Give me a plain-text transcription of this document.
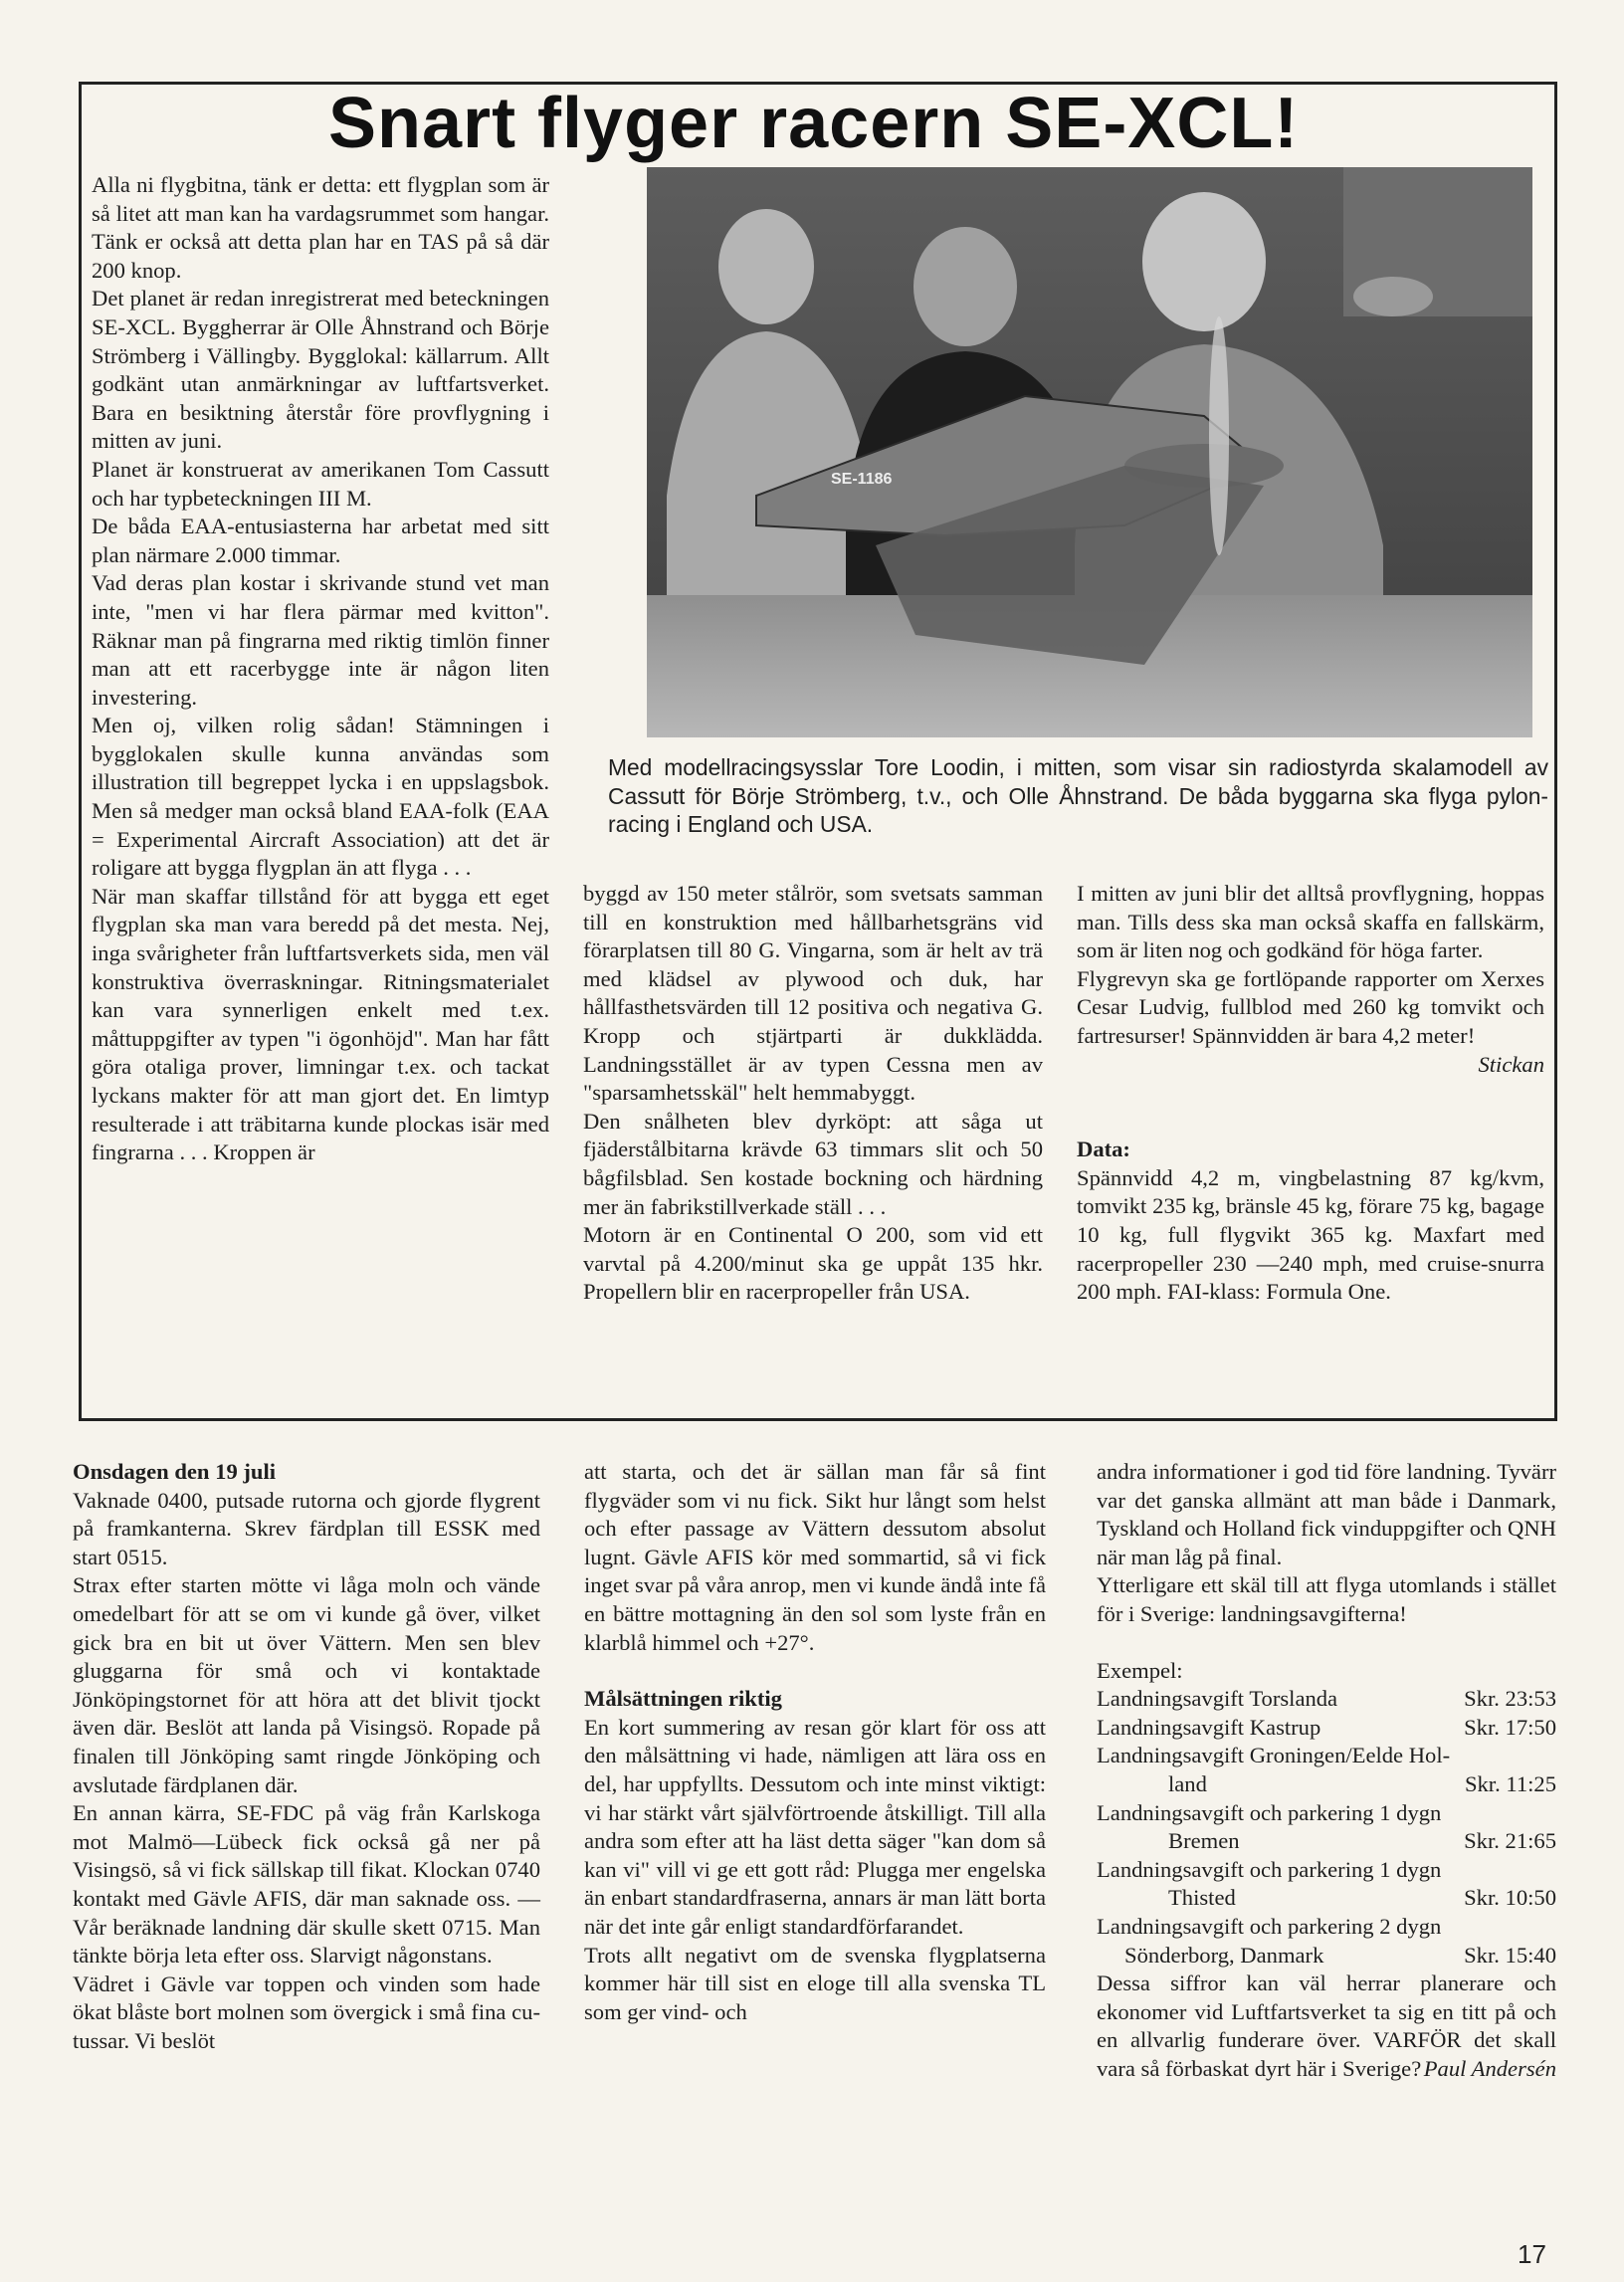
Snart flyger racern SE-XCL!

Alla ni flygbitna, tänk er detta: ett flygplan som är så litet att man kan ha vardagsrummet som hangar. Tänk er också att detta plan har en TAS på så där 200 knop.

Det planet är redan inregistrerat med beteckningen SE-XCL. Byggherrar är Olle Åhnstrand och Börje Strömberg i Vällingby. Bygglokal: källarrum. Allt godkänt utan anmärkningar av luftfartsverket. Bara en besiktning återstår före provflygning i mitten av juni.

Planet är konstruerat av amerikanen Tom Cassutt och har typbeteckningen III M.

De båda EAA-entusiasterna har arbetat med sitt plan närmare 2.000 timmar.

Vad deras plan kostar i skrivande stund vet man inte, "men vi har flera pärmar med kvitton". Räknar man på fingrarna med riktig timlön finner man att ett racerbygge inte är någon liten investering.

Men oj, vilken rolig sådan! Stämningen i bygglokalen skulle kunna användas som illustration till begreppet lycka i en uppslagsbok. Men så medger man också bland EAA-folk (EAA = Experimental Aircraft Association) att det är roligare att bygga flygplan än att flyga . . .

När man skaffar tillstånd för att bygga ett eget flygplan ska man vara beredd på det mesta. Nej, inga svårigheter från luftfartsverkets sida, men väl konstruktiva överraskningar. Ritningsmaterialet kan vara synnerligen enkelt med t.ex. måttuppgifter av typen "i ögonhöjd". Man har fått göra otaliga prover, limningar t.ex. och tackat lyckans makter för att man gjort det. En limtyp resulterade i att träbitarna kunde plockas isär med fingrarna . . . Kroppen är

SE-1186

Med modellracingsysslar Tore Loodin, i mitten, som visar sin radiostyrda skalamodell av Cassutt för Börje Strömberg, t.v., och Olle Åhnstrand. De båda byggarna ska flyga pylon-racing i England och USA.

byggd av 150 meter stålrör, som svetsats samman till en konstruktion med hållbarhetsgräns vid förarplatsen till 80 G. Vingarna, som är helt av trä med klädsel av plywood och duk, har hållfasthetsvärden till 12 positiva och negativa G. Kropp och stjärtparti är dukklädda. Landningsstället är av typen Cessna men av "sparsamhetsskäl" helt hemmabyggt.

Den snålheten blev dyrköpt: att såga ut fjäderstålbitarna krävde 63 timmars slit och 50 bågfilsblad. Sen kostade bockning och härdning mer än fabrikstillverkade ställ . . .

Motorn är en Continental O 200, som vid ett varvtal på 4.200/minut ska ge uppåt 135 hkr. Propellern blir en racerpropeller från USA.

I mitten av juni blir det alltså provflygning, hoppas man. Tills dess ska man också skaffa en fallskärm, som är liten nog och godkänd för höga farter.

Flygrevyn ska ge fortlöpande rapporter om Xerxes Cesar Ludvig, fullblod med 260 kg tomvikt och fartresurser! Spännvidden är bara 4,2 meter!

Stickan

Data:

Spännvidd 4,2 m, vingbelastning 87 kg/kvm, tomvikt 235 kg, bränsle 45 kg, förare 75 kg, bagage 10 kg, full flygvikt 365 kg. Maxfart med racerpropeller 230 —240 mph, med cruise-snurra 200 mph. FAI-klass: Formula One.

Onsdagen den 19 juli

Vaknade 0400, putsade rutorna och gjorde flygrent på framkanterna. Skrev färdplan till ESSK med start 0515.

Strax efter starten mötte vi låga moln och vände omedelbart för att se om vi kunde gå över, vilket gick bra en bit ut över Vättern. Men sen blev gluggarna för små och vi kontaktade Jönköpingstornet för att höra att det blivit tjockt även där. Beslöt att landa på Visingsö. Ropade på finalen till Jönköping samt ringde Jönköping och avslutade färdplanen där.

En annan kärra, SE-FDC på väg från Karlskoga mot Malmö—Lübeck fick också gå ner på Visingsö, så vi fick sällskap till fikat. Klockan 0740 kontakt med Gävle AFIS, där man saknade oss. — Vår beräknade landning där skulle skett 0715. Man tänkte börja leta efter oss. Slarvigt någonstans.

Vädret i Gävle var toppen och vinden som hade ökat blåste bort molnen som övergick i små fina cu-tussar. Vi beslöt

att starta, och det är sällan man får så fint flygväder som vi nu fick. Sikt hur långt som helst och efter passage av Vättern dessutom absolut lugnt. Gävle AFIS kör med sommartid, så vi fick inget svar på våra anrop, men vi kunde ändå inte få en bättre mottagning än den sol som lyste från en klarblå himmel och +27°.

Målsättningen riktig

En kort summering av resan gör klart för oss att den målsättning vi hade, nämligen att lära oss en del, har uppfyllts. Dessutom och inte minst viktigt: vi har stärkt vårt självförtroende åtskilligt. Till alla andra som efter att ha läst detta säger "kan dom så kan vi" vill vi ge ett gott råd: Plugga mer engelska än enbart standardfraserna, annars är man lätt borta när det inte går enligt standardförfarandet.

Trots allt negativt om de svenska flygplatserna kommer här till sist en eloge till alla svenska TL som ger vind- och

andra informationer i god tid före landning. Tyvärr var det ganska allmänt att man både i Danmark, Tyskland och Holland fick vinduppgifter och QNH när man låg på final.

Ytterligare ett skäl till att flyga utomlands i stället för i Sverige: landningsavgifterna!

Exempel:

Landningsavgift Torslanda	Skr. 23:53
Landningsavgift Kastrup	Skr. 17:50
Landningsavgift Groningen/Eelde Hol-
land	Skr. 11:25
Landningsavgift och parkering 1 dygn
Bremen	Skr. 21:65
Landningsavgift och parkering 1 dygn
Thisted	Skr. 10:50
Landningsavgift och parkering 2 dygn
Sönderborg, Danmark	Skr. 15:40

Dessa siffror kan väl herrar planerare och ekonomer vid Luftfartsverket ta sig en titt på och en allvarlig funderare över. VARFÖR det skall vara så förbaskat dyrt här i Sverige? Paul Andersén

17
